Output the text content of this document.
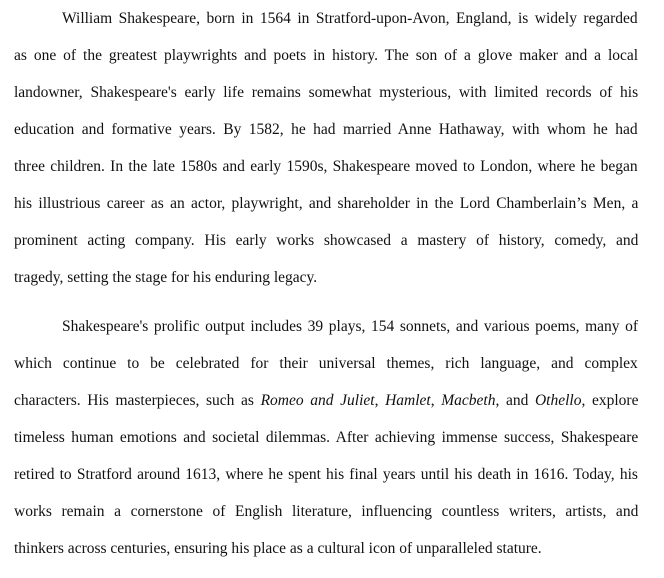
William Shakespeare, born in 1564 in Stratford-upon-Avon, England, is widely regarded
as one of the greatest playwrights and poets in history. The son of a glove maker and a local
landowner, Shakespeare's early life remains somewhat mysterious, with limited records of his
education and formative years. By 1582, he had married Anne Hathaway, with whom he had
three children. In the late 1580s and early 1590s, Shakespeare moved to London, where he began
his illustrious career as an actor, playwright, and shareholder in the Lord Chamberlain’s Men, a
prominent acting company. His early works showcased a mastery of history, comedy, and
tragedy, setting the stage for his enduring legacy.
Shakespeare's prolific output includes 39 plays, 154 sonnets, and various poems, many of
which continue to be celebrated for their universal themes, rich language, and complex
characters. His masterpieces, such as Romeo and Juliet, Hamlet, Macbeth, and Othello, explore
timeless human emotions and societal dilemmas. After achieving immense success, Shakespeare
retired to Stratford around 1613, where he spent his final years until his death in 1616. Today, his
works remain a cornerstone of English literature, influencing countless writers, artists, and
thinkers across centuries, ensuring his place as a cultural icon of unparalleled stature.
